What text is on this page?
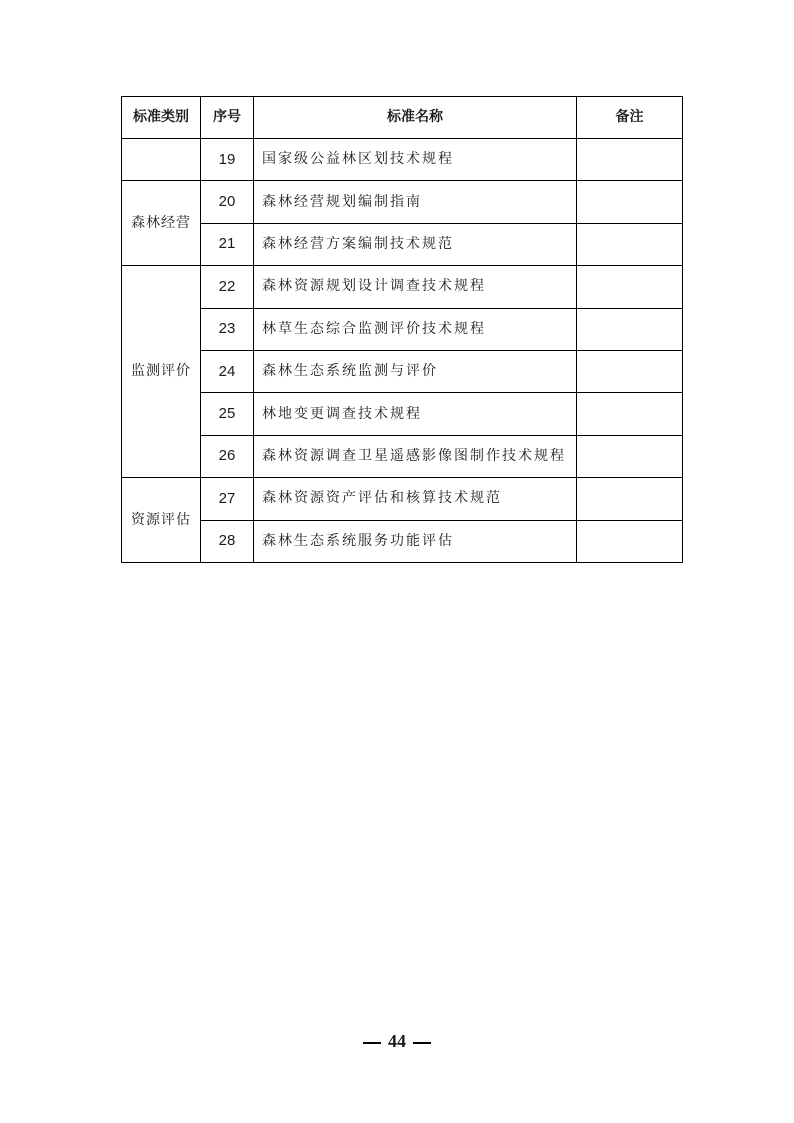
标准类别	序号	标准名称	备注
	19	国家级公益林区划技术规程	
森林经营	20	森林经营规划编制指南	
	21	森林经营方案编制技术规范	
监测评价	22	森林资源规划设计调查技术规程	
	23	林草生态综合监测评价技术规程	
	24	森林生态系统监测与评价	
	25	林地变更调查技术规程	
	26	森林资源调查卫星遥感影像图制作技术规程	
资源评估	27	森林资源资产评估和核算技术规范	
	28	森林生态系统服务功能评估	
44
